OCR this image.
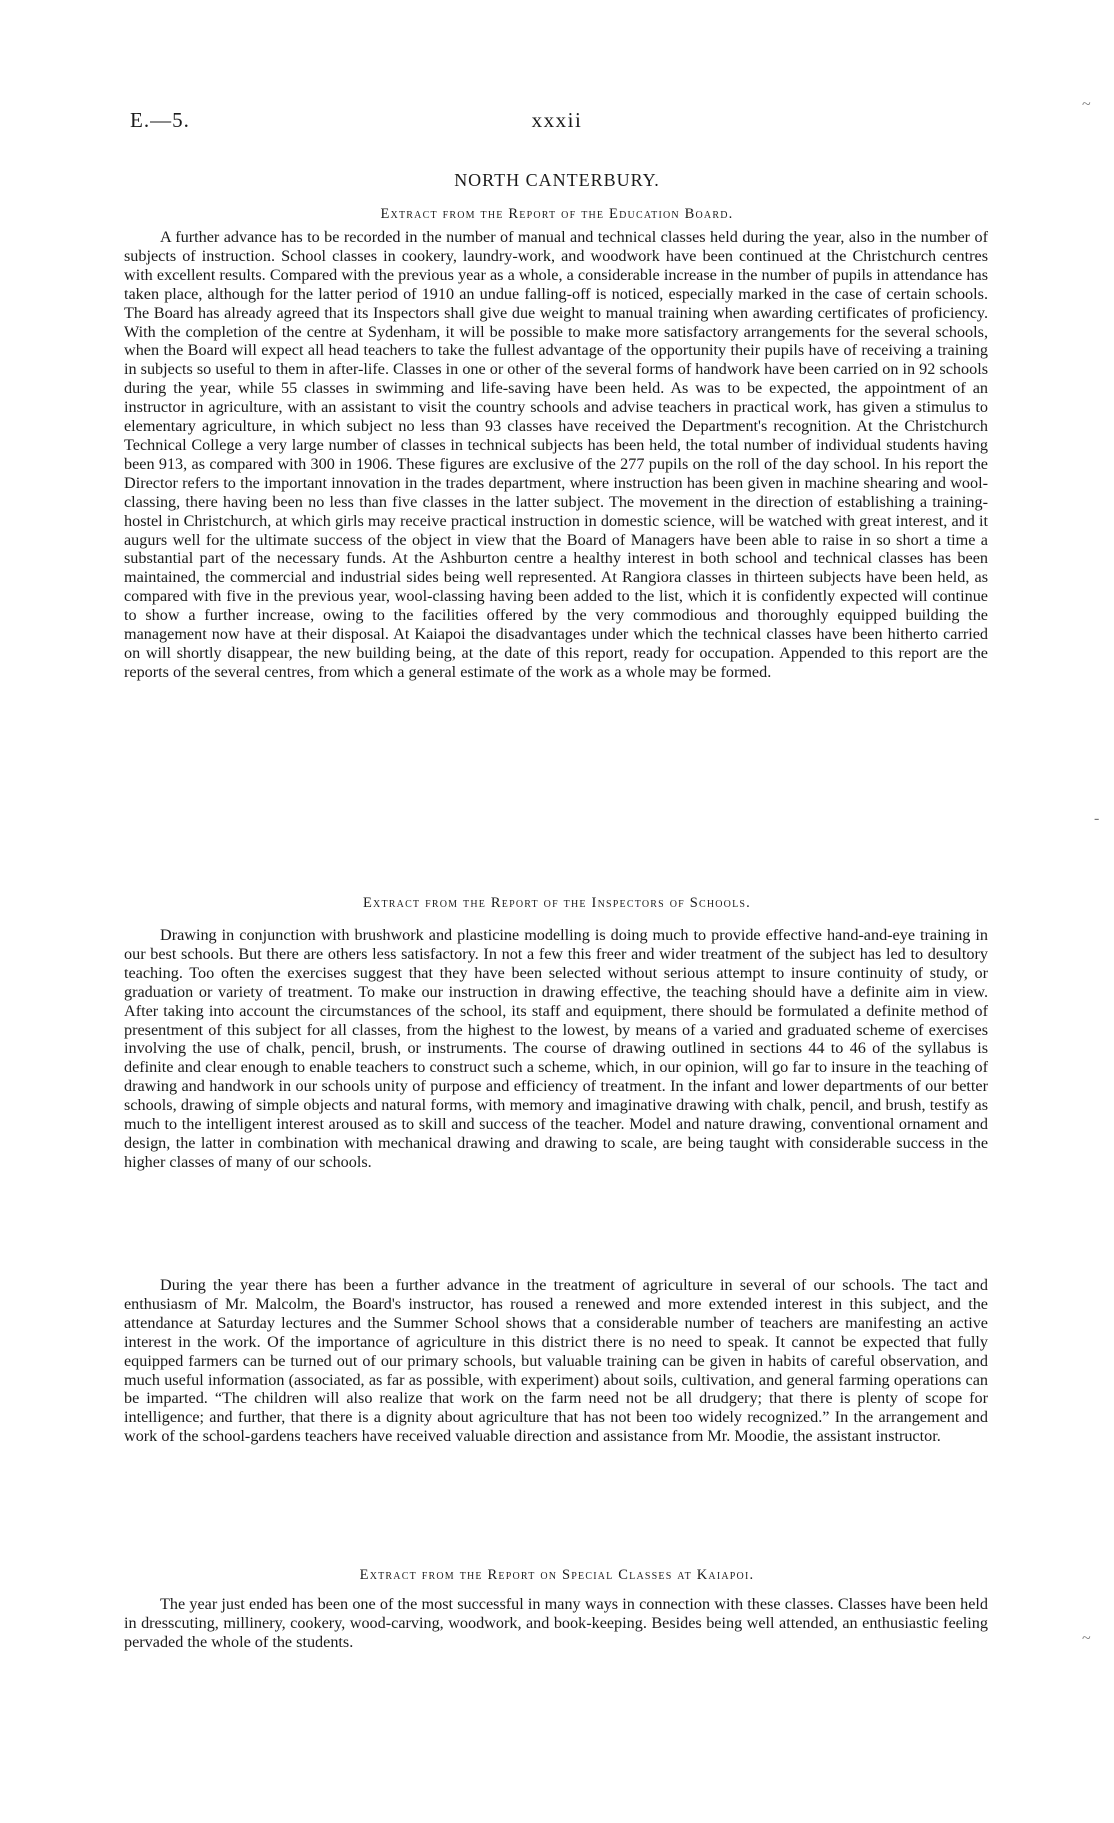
E.—5.	xxxii
NORTH CANTERBURY.
Extract from the Report of the Education Board.

A further advance has to be recorded in the number of manual and technical classes held during the year, also in the number of subjects of instruction. School classes in cookery, laundry-work, and woodwork have been continued at the Christchurch centres with excellent results. Compared with the previous year as a whole, a considerable increase in the number of pupils in attendance has taken place, although for the latter period of 1910 an undue falling-off is noticed, especially marked in the case of certain schools. The Board has already agreed that its Inspectors shall give due weight to manual training when awarding certificates of proficiency. With the completion of the centre at Sydenham, it will be possible to make more satisfactory arrangements for the several schools, when the Board will expect all head teachers to take the fullest advantage of the opportunity their pupils have of receiving a training in subjects so useful to them in after-life. Classes in one or other of the several forms of handwork have been carried on in 92 schools during the year, while 55 classes in swimming and life-saving have been held. As was to be expected, the appointment of an instructor in agriculture, with an assistant to visit the country schools and advise teachers in practical work, has given a stimulus to elementary agriculture, in which subject no less than 93 classes have received the Department's recognition. At the Christchurch Technical College a very large number of classes in technical subjects has been held, the total number of individual students having been 913, as compared with 300 in 1906. These figures are exclusive of the 277 pupils on the roll of the day school. In his report the Director refers to the important innovation in the trades department, where instruction has been given in machine shearing and wool-classing, there having been no less than five classes in the latter subject. The movement in the direction of establishing a training-hostel in Christchurch, at which girls may receive practical instruction in domestic science, will be watched with great interest, and it augurs well for the ultimate success of the object in view that the Board of Managers have been able to raise in so short a time a substantial part of the necessary funds. At the Ashburton centre a healthy interest in both school and technical classes has been maintained, the commercial and industrial sides being well represented. At Rangiora classes in thirteen subjects have been held, as compared with five in the previous year, wool-classing having been added to the list, which it is confidently expected will continue to show a further increase, owing to the facilities offered by the very commodious and thoroughly equipped building the management now have at their disposal. At Kaiapoi the disadvantages under which the technical classes have been hitherto carried on will shortly disappear, the new building being, at the date of this report, ready for occupation. Appended to this report are the reports of the several centres, from which a general estimate of the work as a whole may be formed.

Extract from the Report of the Inspectors of Schools.

Drawing in conjunction with brushwork and plasticine modelling is doing much to provide effective hand-and-eye training in our best schools. But there are others less satisfactory. In not a few this freer and wider treatment of the subject has led to desultory teaching. Too often the exercises suggest that they have been selected without serious attempt to insure continuity of study, or graduation or variety of treatment. To make our instruction in drawing effective, the teaching should have a definite aim in view. After taking into account the circumstances of the school, its staff and equipment, there should be formulated a definite method of presentment of this subject for all classes, from the highest to the lowest, by means of a varied and graduated scheme of exercises involving the use of chalk, pencil, brush, or instruments. The course of drawing outlined in sections 44 to 46 of the syllabus is definite and clear enough to enable teachers to construct such a scheme, which, in our opinion, will go far to insure in the teaching of drawing and handwork in our schools unity of purpose and efficiency of treatment. In the infant and lower departments of our better schools, drawing of simple objects and natural forms, with memory and imaginative drawing with chalk, pencil, and brush, testify as much to the intelligent interest aroused as to skill and success of the teacher. Model and nature drawing, conventional ornament and design, the latter in combination with mechanical drawing and drawing to scale, are being taught with considerable success in the higher classes of many of our schools.

During the year there has been a further advance in the treatment of agriculture in several of our schools. The tact and enthusiasm of Mr. Malcolm, the Board's instructor, has roused a renewed and more extended interest in this subject, and the attendance at Saturday lectures and the Summer School shows that a considerable number of teachers are manifesting an active interest in the work. Of the importance of agriculture in this district there is no need to speak. It cannot be expected that fully equipped farmers can be turned out of our primary schools, but valuable training can be given in habits of careful observation, and much useful information (associated, as far as possible, with experiment) about soils, cultivation, and general farming operations can be imparted. “The children will also realize that work on the farm need not be all drudgery; that there is plenty of scope for intelligence; and further, that there is a dignity about agriculture that has not been too widely recognized.” In the arrangement and work of the school-gardens teachers have received valuable direction and assistance from Mr. Moodie, the assistant instructor.

Extract from the Report on Special Classes at Kaiapoi.

The year just ended has been one of the most successful in many ways in connection with these classes. Classes have been held in dresscuting, millinery, cookery, wood-carving, woodwork, and book-keeping. Besides being well attended, an enthusiastic feeling pervaded the whole of the students.

~
-
~
